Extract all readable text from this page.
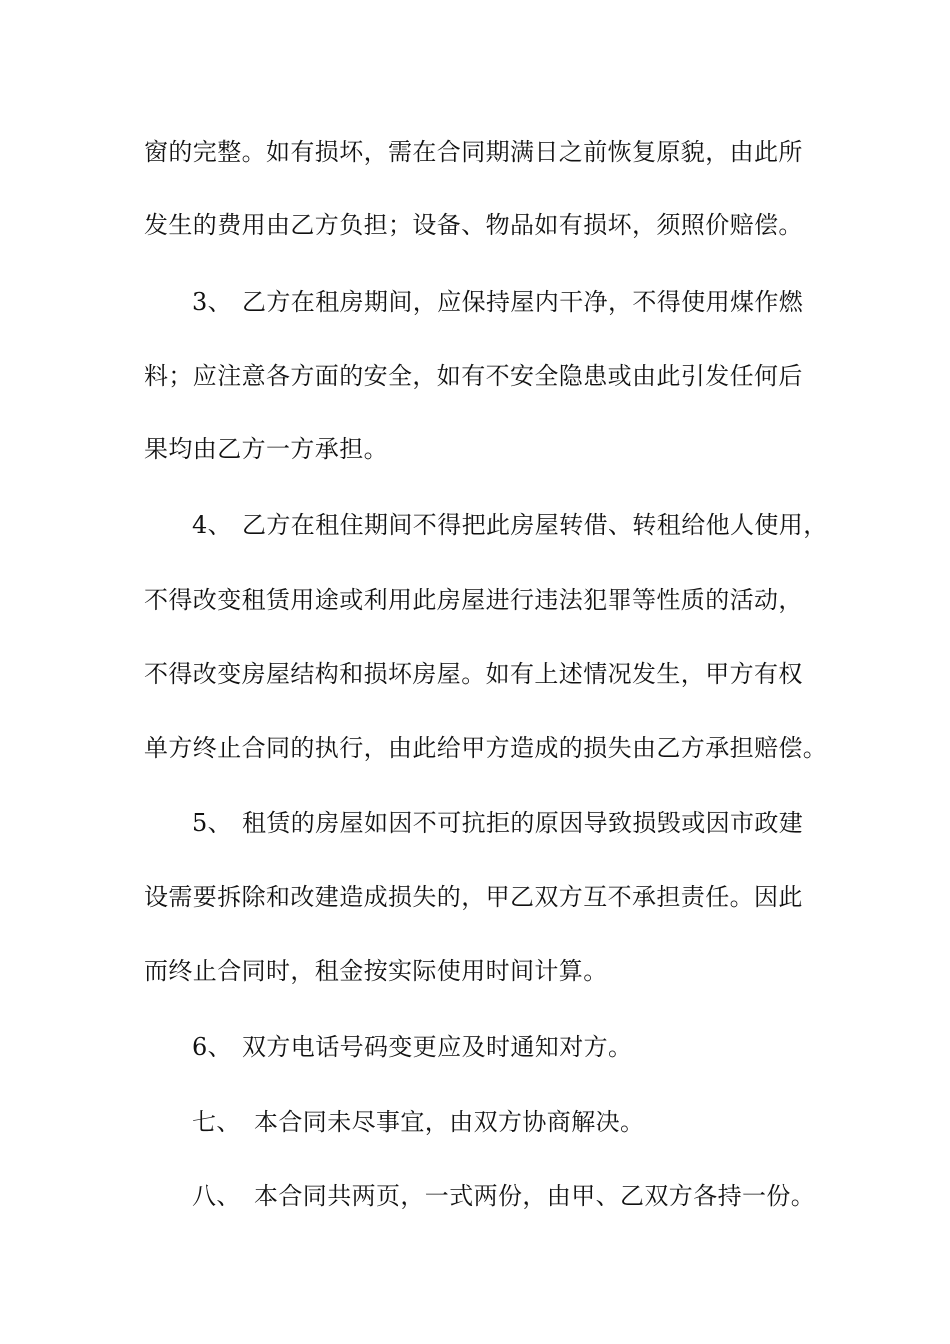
窗的完整。如有损坏，需在合同期满日之前恢复原貌，由此所
发生的费用由乙方负担；设备、物品如有损坏，须照价赔偿。
3、 乙方在租房期间，应保持屋内干净，不得使用煤作燃
料；应注意各方面的安全，如有不安全隐患或由此引发任何后
果均由乙方一方承担。
4、 乙方在租住期间不得把此房屋转借、转租给他人使用，
不得改变租赁用途或利用此房屋进行违法犯罪等性质的活动，
不得改变房屋结构和损坏房屋。如有上述情况发生，甲方有权
单方终止合同的执行，由此给甲方造成的损失由乙方承担赔偿。
5、 租赁的房屋如因不可抗拒的原因导致损毁或因市政建
设需要拆除和改建造成损失的，甲乙双方互不承担责任。因此
而终止合同时，租金按实际使用时间计算。
6、 双方电话号码变更应及时通知对方。
七、 本合同未尽事宜，由双方协商解决。
八、 本合同共两页，一式两份，由甲、乙双方各持一份。
